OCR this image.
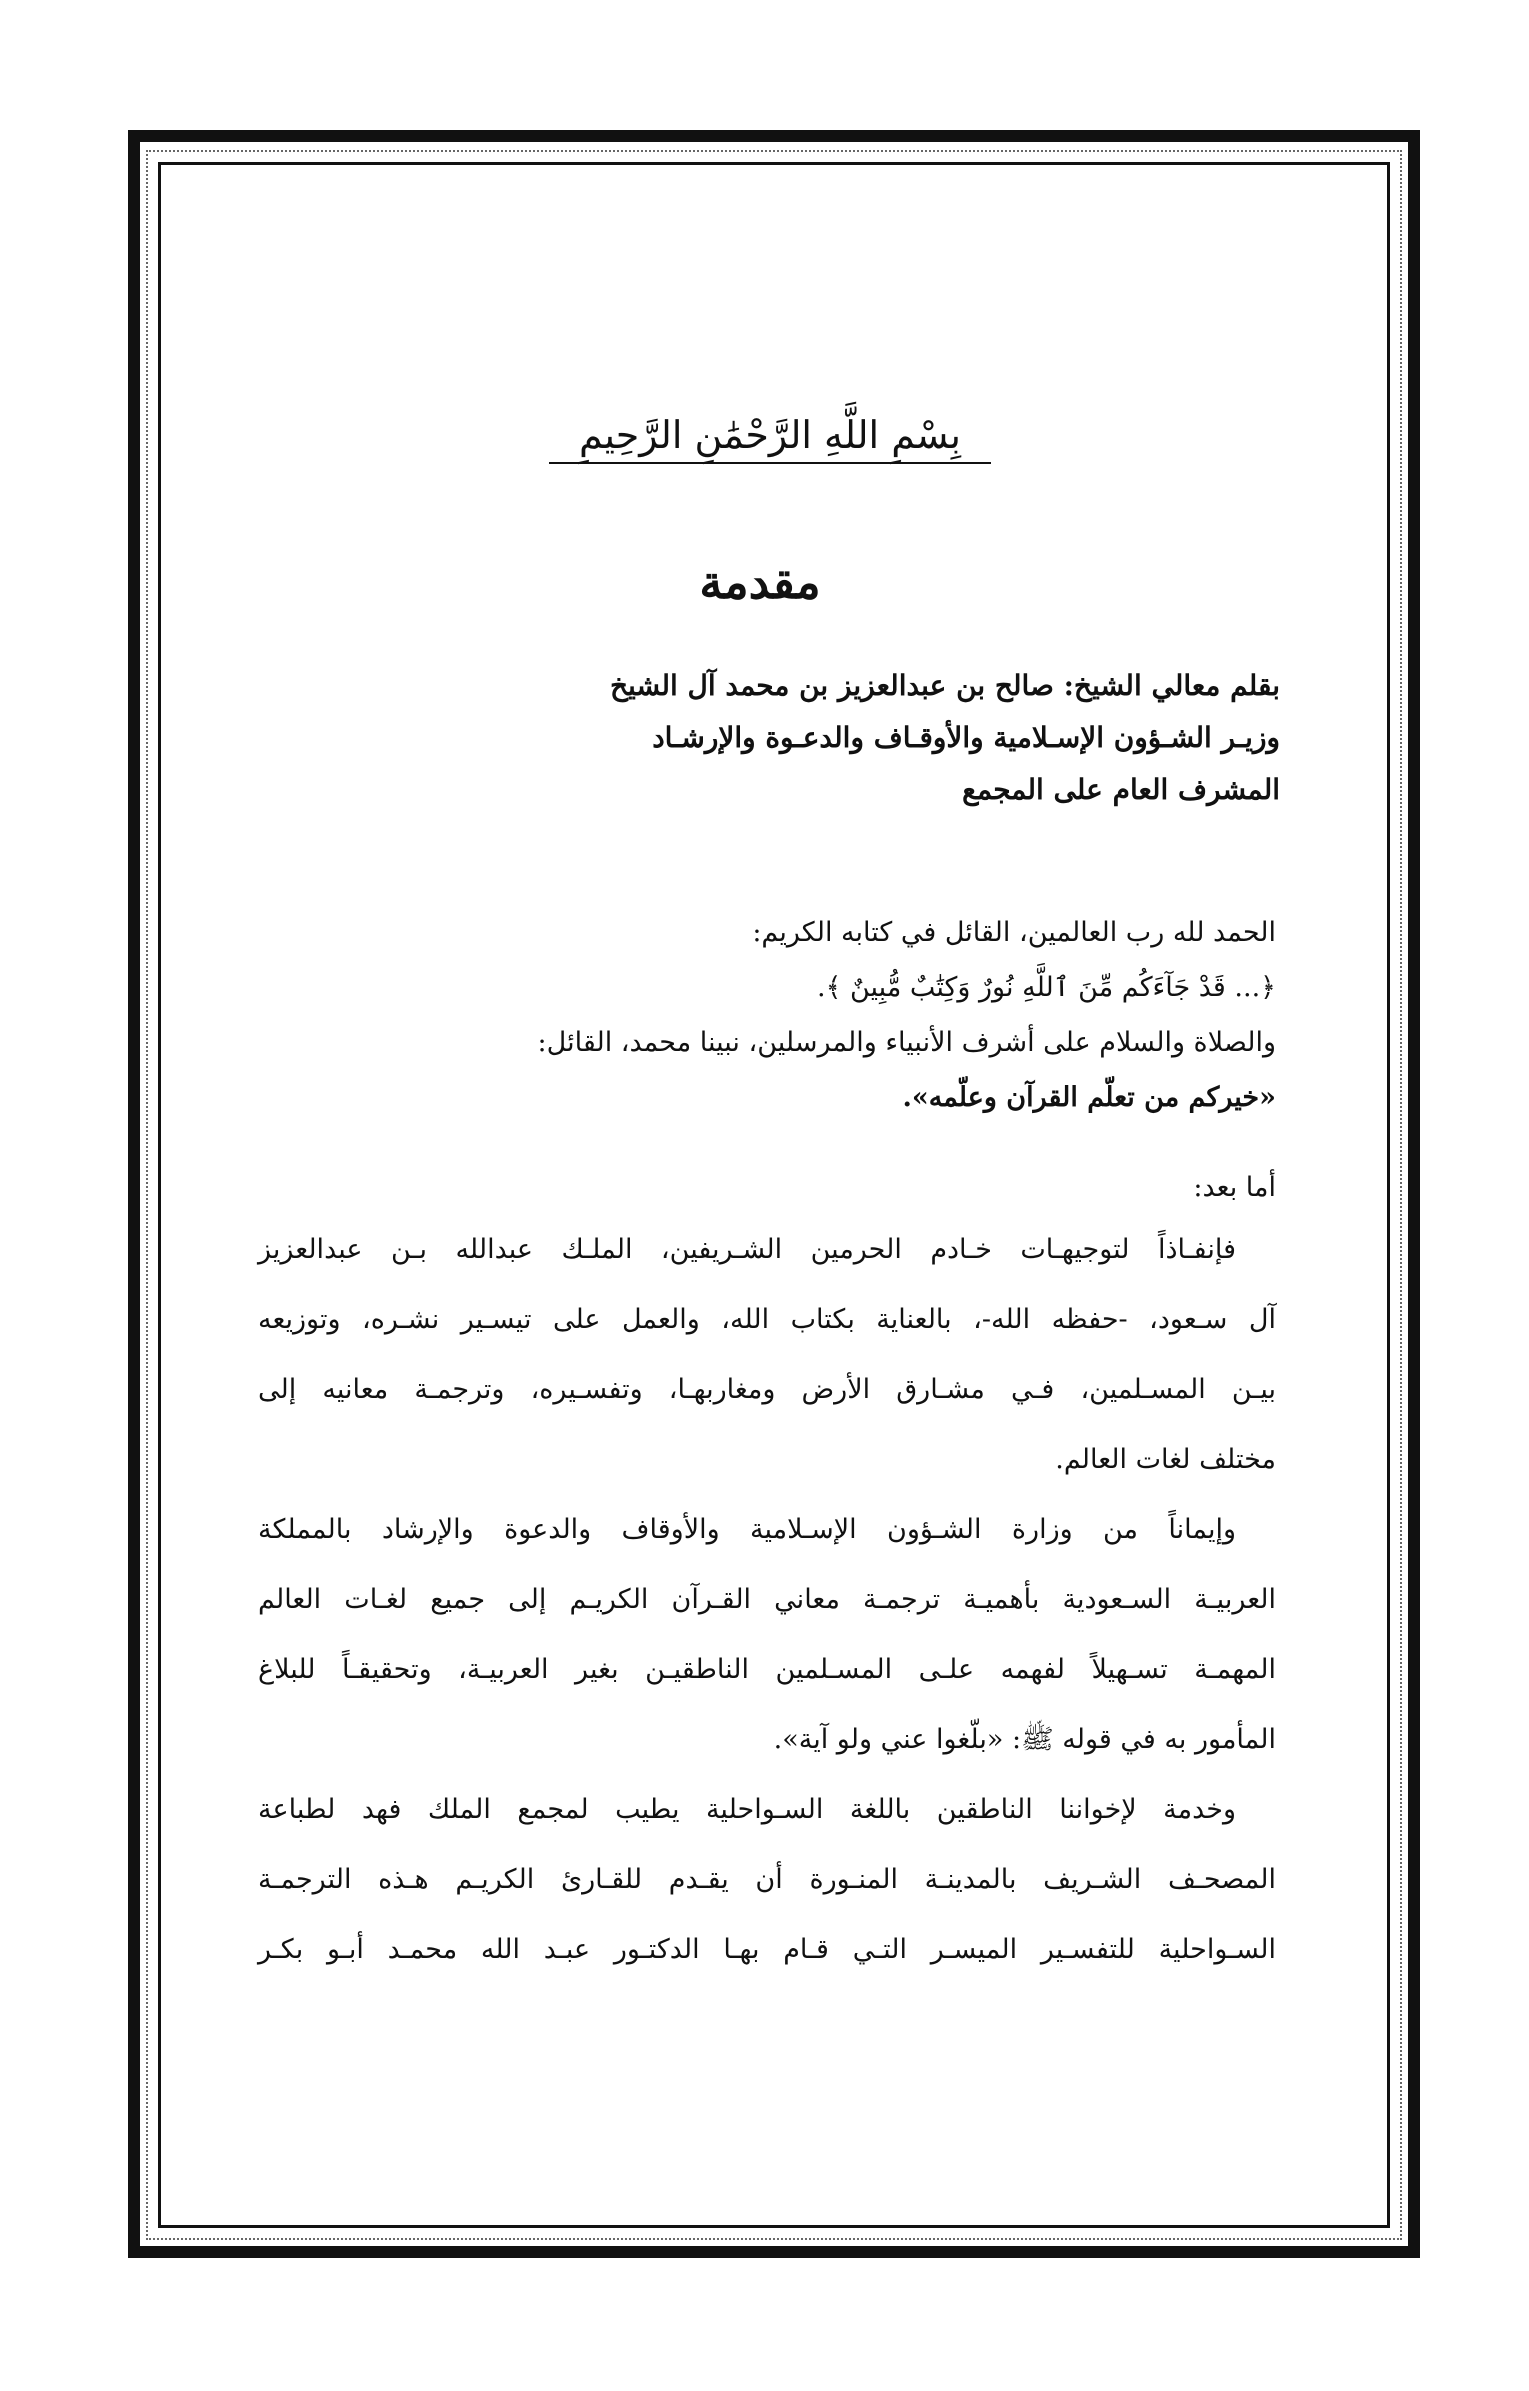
بِسْمِ اللَّهِ الرَّحْمَٰنِ الرَّحِيمِ
مقدمة
بقلم معالي الشيخ: صالح بن عبدالعزيز بن محمد آل الشيخ
وزيـر الشـؤون الإسـلامية والأوقـاف والدعـوة والإرشـاد
المشرف العام على المجمع
الحمد لله رب العالمين، القائل في كتابه الكريم:
﴿... قَدْ جَآءَكُم مِّنَ ٱللَّهِ نُورٌ وَكِتَٰبٌ مُّبِينٌ ﴾.
والصلاة والسلام على أشرف الأنبياء والمرسلين، نبينا محمد، القائل:
«خيركم من تعلّم القرآن وعلّمه».
أما بعد:
فإنفـاذاً لتوجيهـات خـادم الحرمين الشـريفين، الملـك عبدالله بـن عبدالعزيز
آل سـعود، -حفظه الله-، بالعناية بكتاب الله، والعمل على تيسـير نشـره، وتوزيعه
بيـن المسـلمين، فـي مشـارق الأرض ومغاربهـا، وتفسـيره، وترجمـة معانيه إلى
مختلف لغات العالم.
وإيماناً من وزارة الشـؤون الإسـلامية والأوقاف والدعوة والإرشاد بالمملكة
العربيـة السـعودية بأهميـة ترجمـة معاني القـرآن الكريـم إلى جميع لغـات العالم
المهمـة تسـهيلاً لفهمه علـى المسـلمين الناطقيـن بغير العربيـة، وتحقيقـاً للبلاغ
المأمور به في قوله ﷺ: «بلّغوا عني ولو آية».
وخدمة لإخواننا الناطقين باللغة السـواحلية يطيب لمجمع الملك فهد لطباعة
المصحـف الشـريف بالمدينـة المنـورة أن يقـدم للقـارئ الكريـم هـذه الترجمـة
السـواحلية للتفسـير الميسـر التـي قـام بهـا الدكتـور عبـد الله محمـد أبـو بكـر
